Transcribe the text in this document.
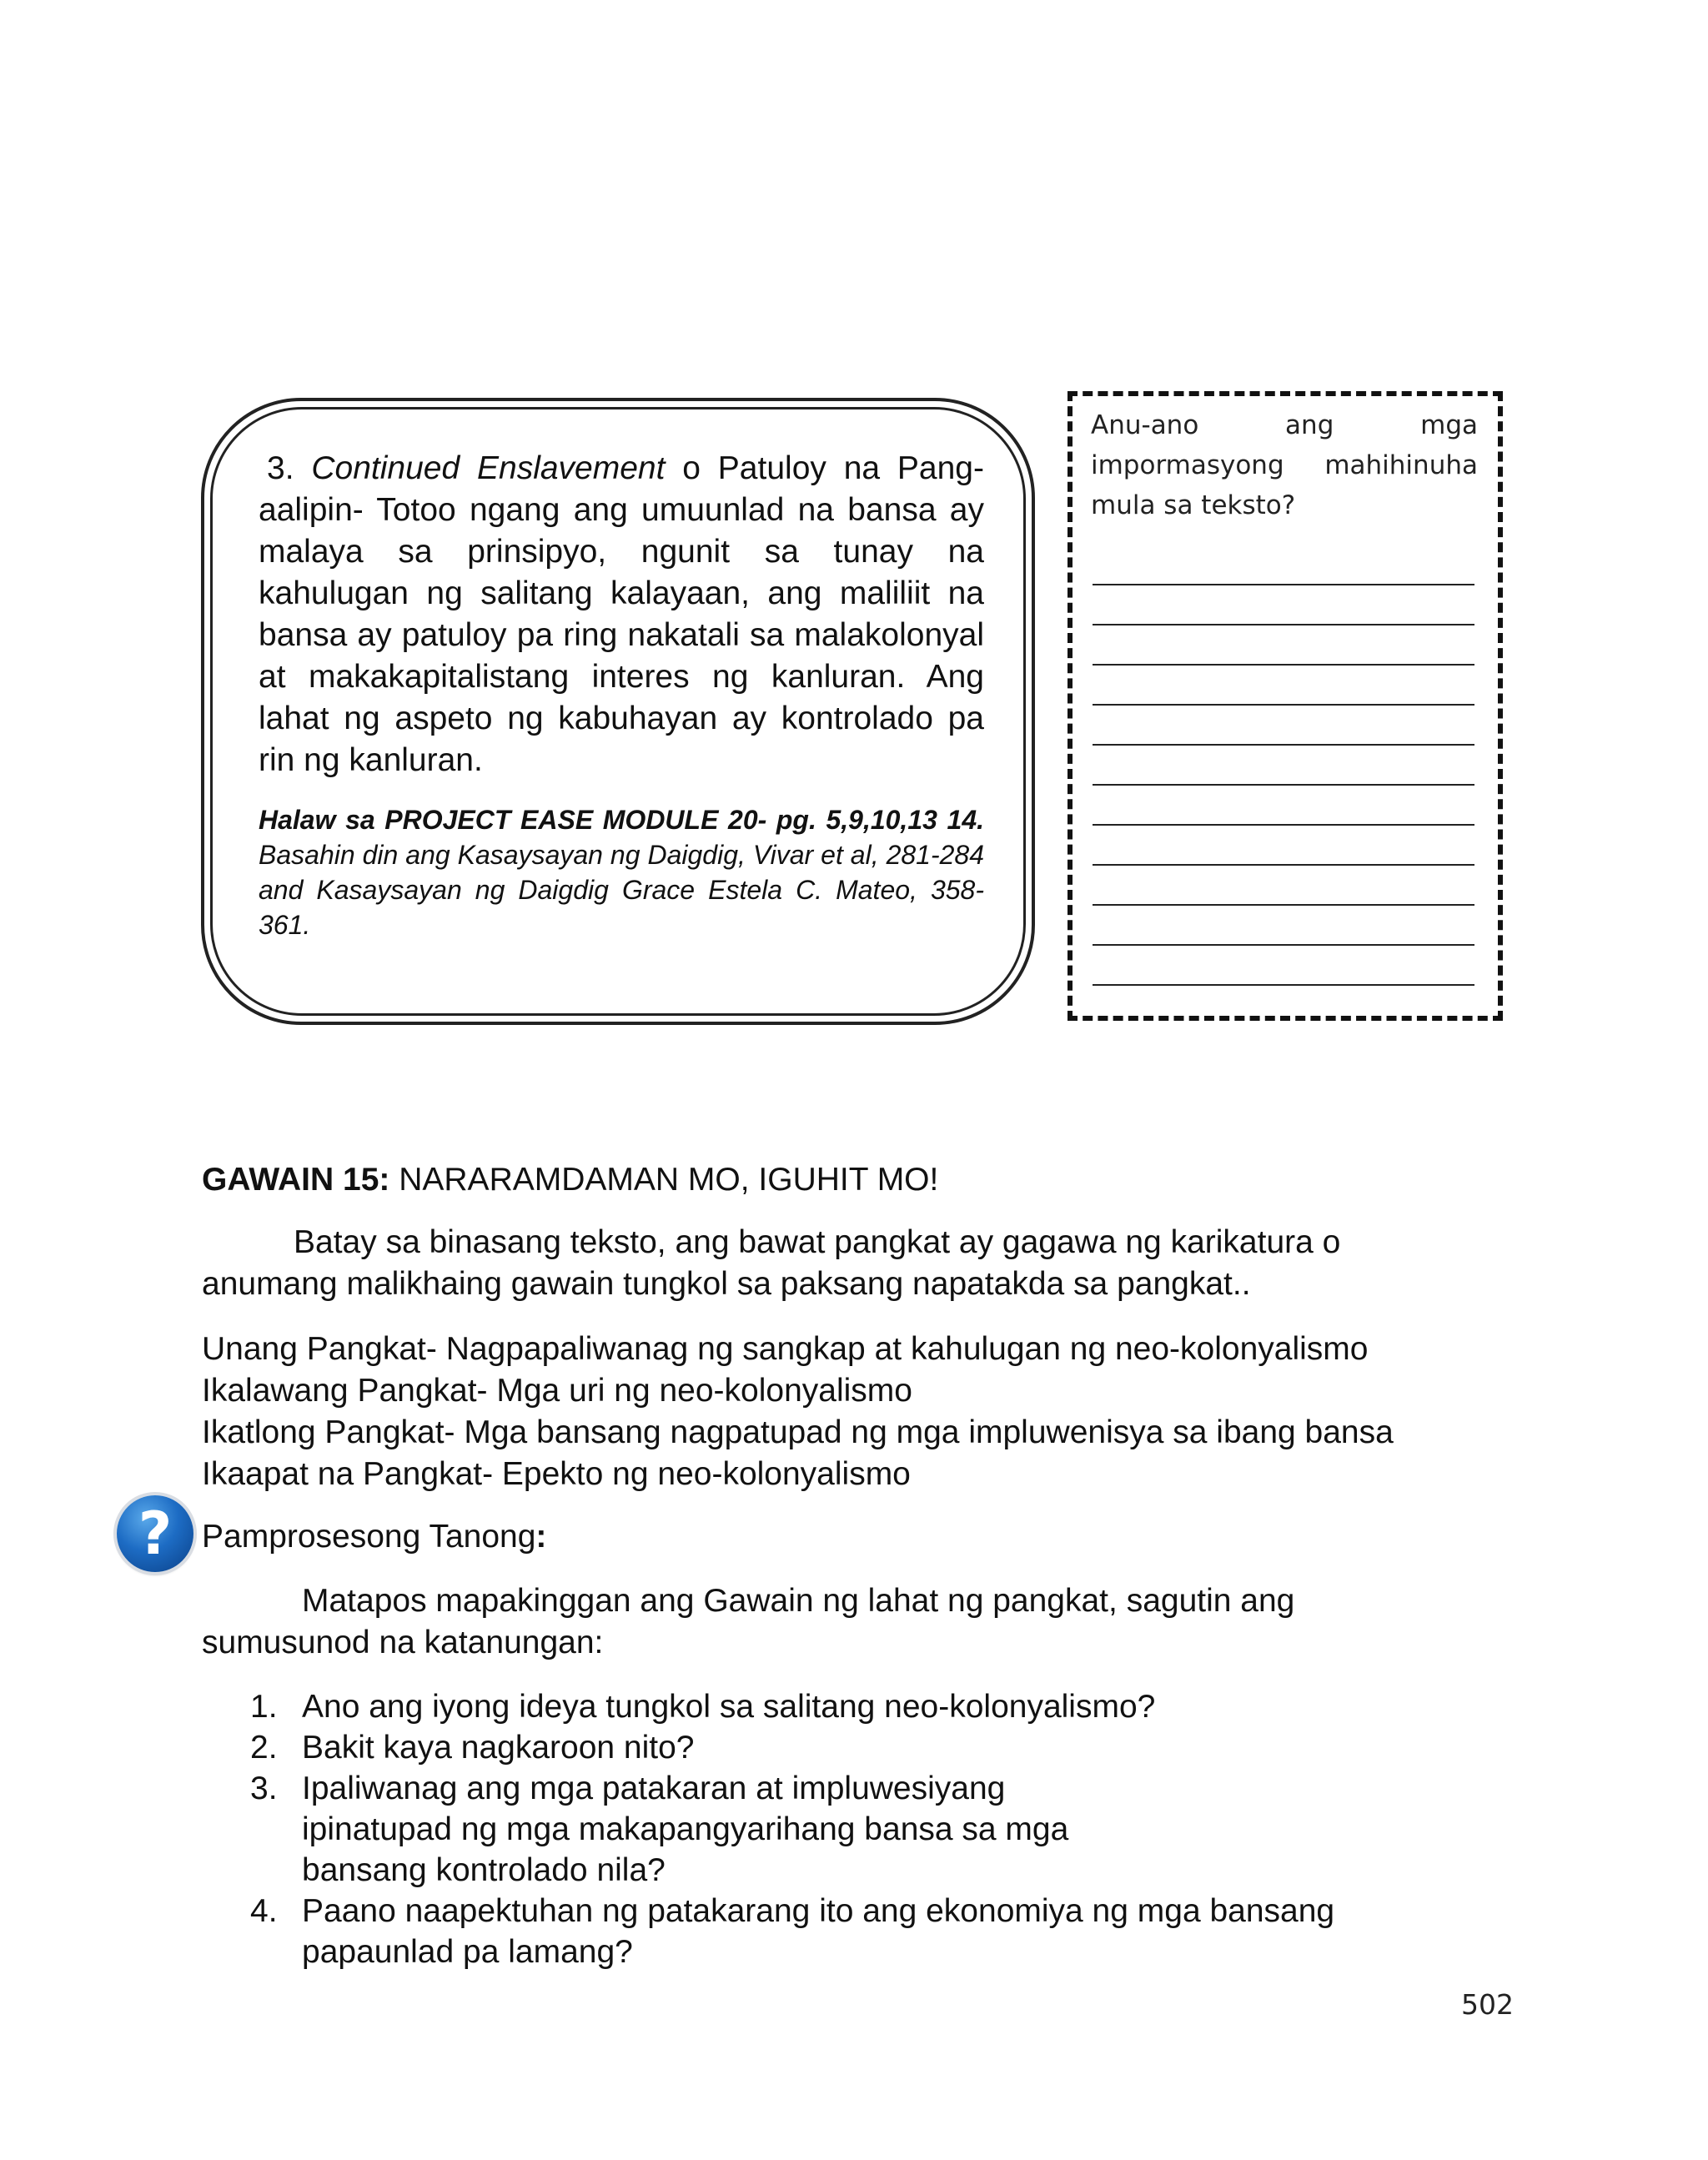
3. Continued Enslavement o Patuloy na Pang-aalipin- Totoo ngang ang umuunlad na bansa ay malaya sa prinsipyo, ngunit sa tunay na kahulugan ng salitang kalayaan, ang maliliit na bansa ay patuloy pa ring nakatali sa malakolonyal at makakapitalistang interes ng kanluran. Ang lahat ng aspeto ng kabuhayan ay kontrolado pa rin ng kanluran.
Halaw sa PROJECT EASE MODULE 20- pg. 5,9,10,13 14. Basahin din ang Kasaysayan ng Daigdig, Vivar et al, 281-284 and Kasaysayan ng Daigdig Grace Estela C. Mateo, 358-361.
Anu-ano ang mga impormasyong mahihinuha mula sa teksto?
GAWAIN 15: NARARAMDAMAN MO, IGUHIT MO!
Batay sa binasang teksto, ang bawat pangkat ay gagawa ng karikatura o anumang malikhaing gawain tungkol sa paksang napatakda sa pangkat..
Unang Pangkat- Nagpapaliwanag ng sangkap at kahulugan ng neo-kolonyalismo
Ikalawang Pangkat- Mga uri ng neo-kolonyalismo
Ikatlong Pangkat- Mga bansang nagpatupad ng mga impluwenisya sa ibang bansa
Ikaapat na Pangkat- Epekto ng neo-kolonyalismo
? Pamprosesong Tanong:
Matapos mapakinggan ang Gawain ng lahat ng pangkat, sagutin ang sumusunod na katanungan:
1. Ano ang iyong ideya tungkol sa salitang neo-kolonyalismo?
2. Bakit kaya nagkaroon nito?
3. Ipaliwanag ang mga patakaran at impluwesiyang ipinatupad ng mga makapangyarihang bansa sa mga bansang kontrolado nila?
4. Paano naapektuhan ng patakarang ito ang ekonomiya ng mga bansang papaunlad pa lamang?
502
